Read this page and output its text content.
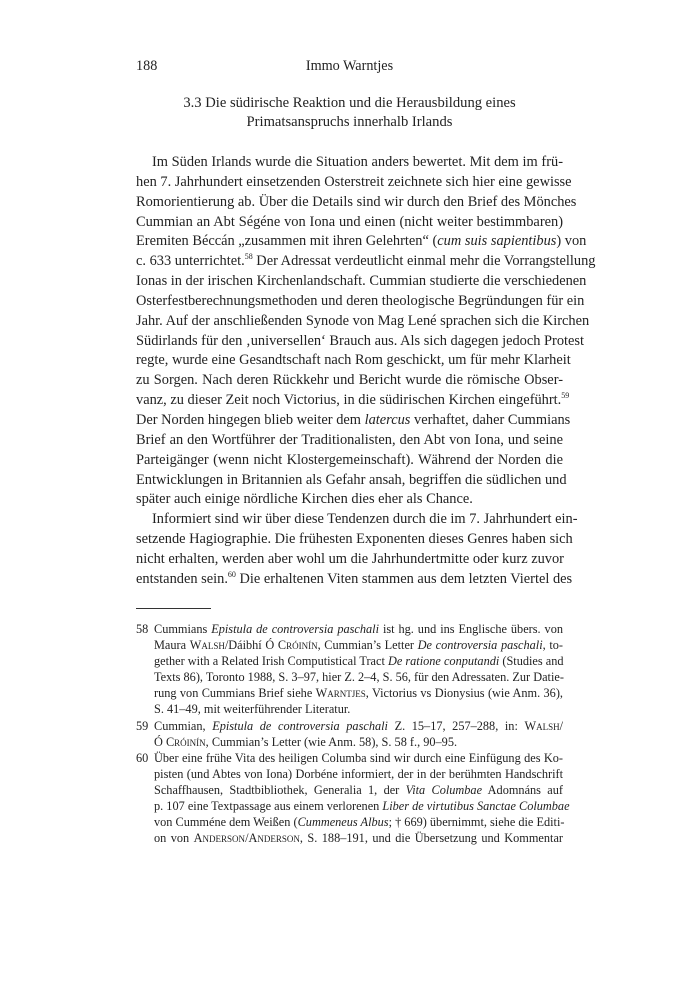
188	Immo Warntjes
3.3 Die südirische Reaktion und die Herausbildung eines
Primatsanspruchs innerhalb Irlands
Im Süden Irlands wurde die Situation anders bewertet. Mit dem im frü-
hen 7. Jahrhundert einsetzenden Osterstreit zeichnete sich hier eine gewisse
Romorientierung ab. Über die Details sind wir durch den Brief des Mönches
Cummian an Abt Ségéne von Iona und einen (nicht weiter bestimmbaren)
Eremiten Béccán „zusammen mit ihren Gelehrten“ (cum suis sapientibus) von
c. 633 unterrichtet.$^{58}$ Der Adressat verdeutlicht einmal mehr die Vorrangstellung
Ionas in der irischen Kirchenlandschaft. Cummian studierte die verschiedenen
Osterfestberechnungsmethoden und deren theologische Begründungen für ein
Jahr. Auf der anschließenden Synode von Mag Lené sprachen sich die Kirchen
Südirlands für den ‚universellen‘ Brauch aus. Als sich dagegen jedoch Protest
regte, wurde eine Gesandtschaft nach Rom geschickt, um für mehr Klarheit
zu Sorgen. Nach deren Rückkehr und Bericht wurde die römische Obser-
vanz, zu dieser Zeit noch Victorius, in die südirischen Kirchen eingeführt.$^{59}$
Der Norden hingegen blieb weiter dem latercus verhaftet, daher Cummians
Brief an den Wortführer der Traditionalisten, den Abt von Iona, und seine
Parteigänger (wenn nicht Klostergemeinschaft). Während der Norden die
Entwicklungen in Britannien als Gefahr ansah, begriffen die südlichen und
später auch einige nördliche Kirchen dies eher als Chance.
Informiert sind wir über diese Tendenzen durch die im 7. Jahrhundert ein-
setzende Hagiographie. Die frühesten Exponenten dieses Genres haben sich
nicht erhalten, werden aber wohl um die Jahrhundertmitte oder kurz zuvor
entstanden sein.$^{60}$ Die erhaltenen Viten stammen aus dem letzten Viertel des
58 Cummians Epistula de controversia paschali ist hg. und ins Englische übers. von
Maura Walsh/Dáibhí Ó Cróinín, Cummian’s Letter De controversia paschali, to-
gether with a Related Irish Computistical Tract De ratione conputandi (Studies and
Texts 86), Toronto 1988, S. 3–97, hier Z. 2–4, S. 56, für den Adressaten. Zur Datie-
rung von Cummians Brief siehe Warntjes, Victorius vs Dionysius (wie Anm. 36),
S. 41–49, mit weiterführender Literatur.
59 Cummian, Epistula de controversia paschali Z. 15–17, 257–288, in: Walsh/
Ó Cróinín, Cummian’s Letter (wie Anm. 58), S. 58 f., 90–95.
60 Über eine frühe Vita des heiligen Columba sind wir durch eine Einfügung des Ko-
pisten (und Abtes von Iona) Dorbéne informiert, der in der berühmten Handschrift
Schaffhausen, Stadtbibliothek, Generalia 1, der Vita Columbae Adomnáns auf
p. 107 eine Textpassage aus einem verlorenen Liber de virtutibus Sanctae Columbae
von Cumméne dem Weißen (Cummeneus Albus; † 669) übernimmt, siehe die Editi-
on von Anderson/Anderson, S. 188–191, und die Übersetzung und Kommentar
